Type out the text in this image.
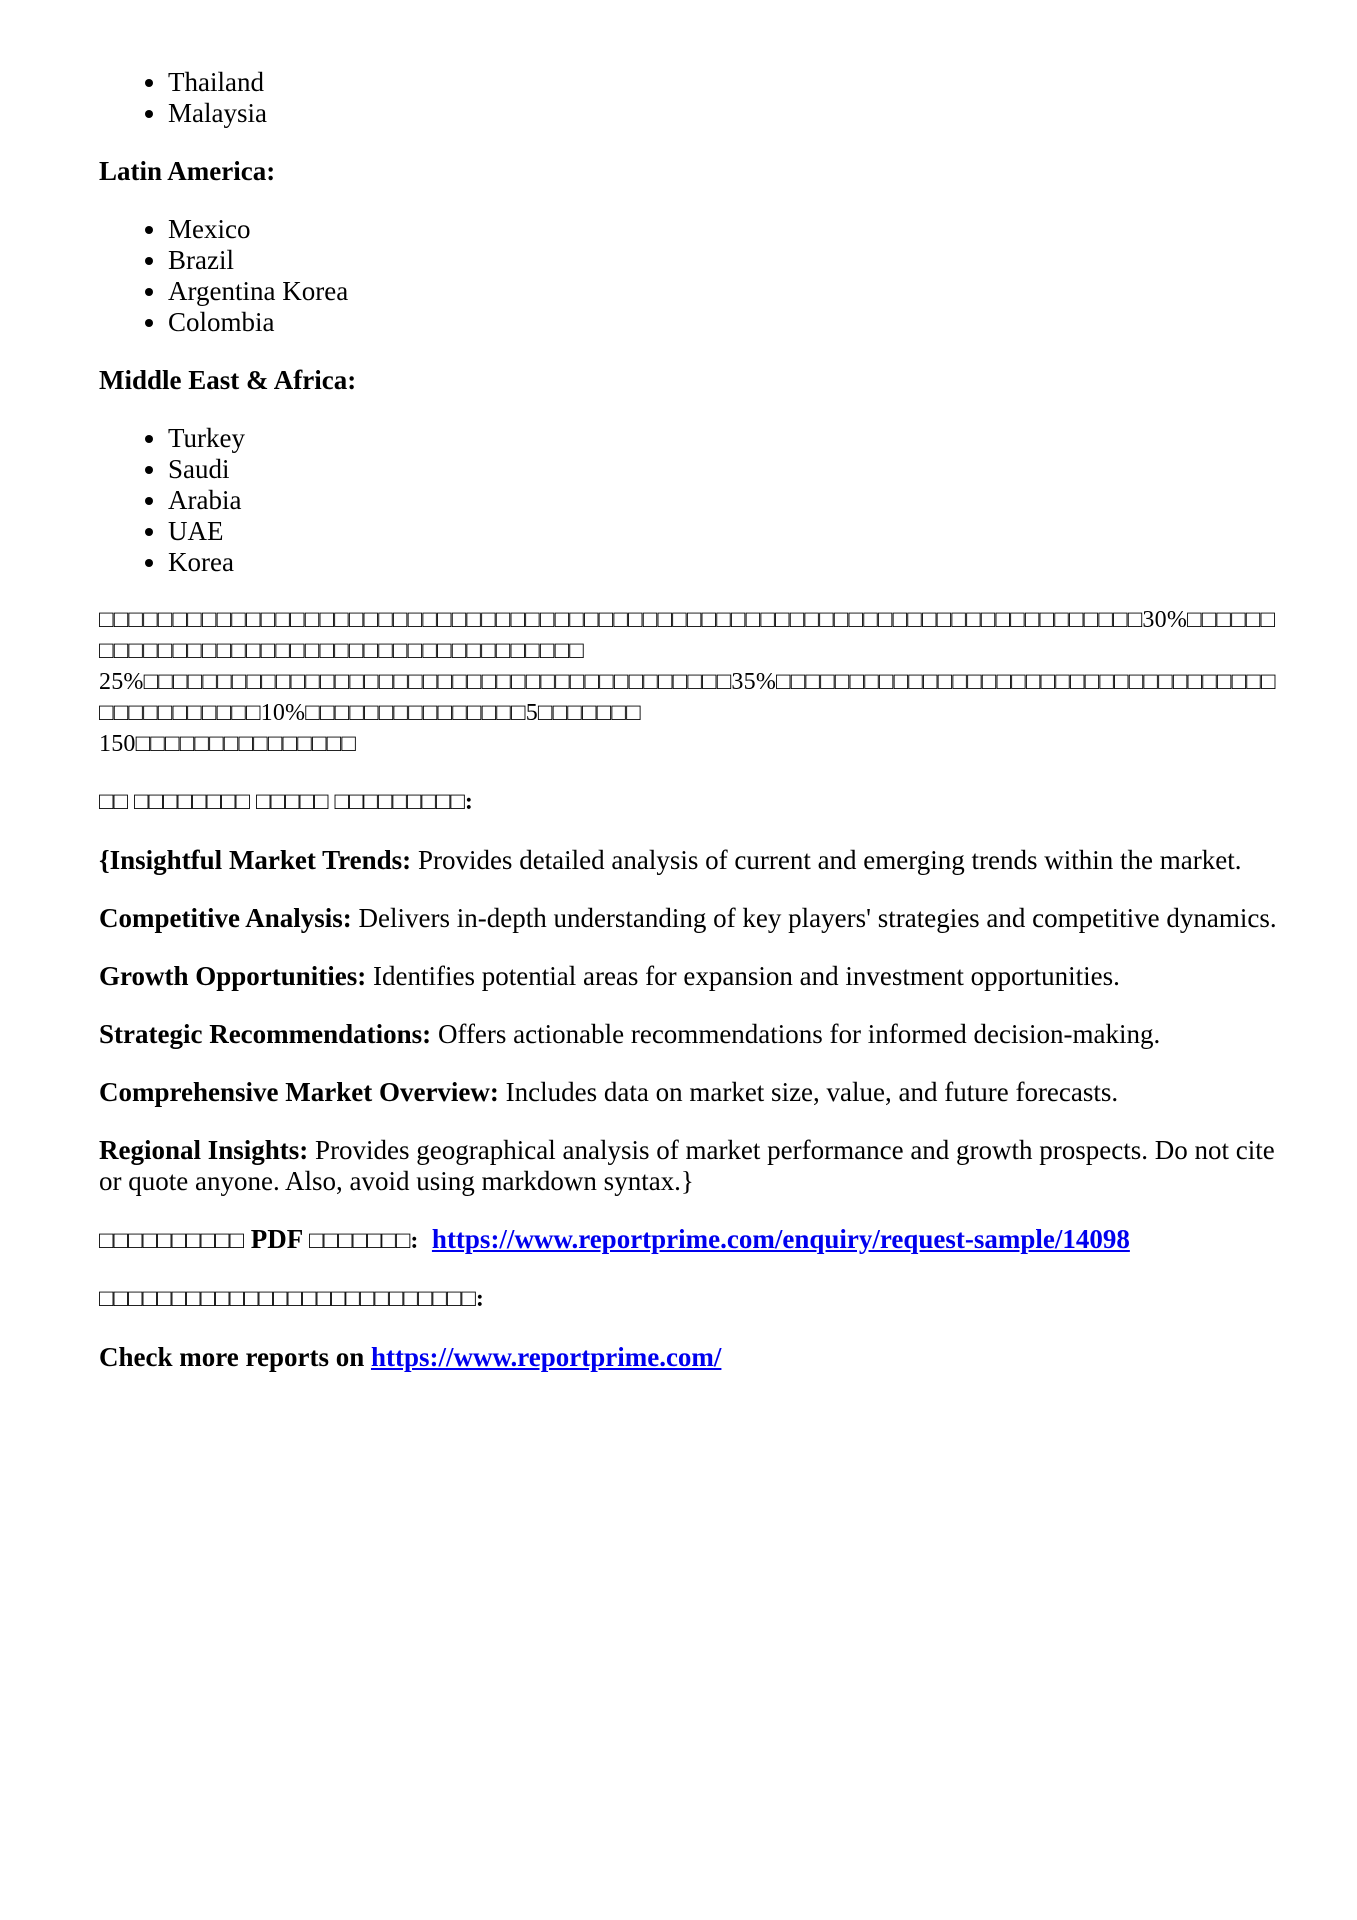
• Thailand
• Malaysia
Latin America:
• Mexico
• Brazil
• Argentina Korea
• Colombia
Middle East & Africa:
• Turkey
• Saudi
• Arabia
• UAE
• Korea
□□□□□□□□□□□□□□□□□□□□□□□□□□□□□□□□□□□□□□□□□□□□□□□□□□□□□□□□□□□□□□□□□□□□□□□30%□□□□□□□□□□□□□□□□□□□□□□□□□□□□□□□□□□□□□□□
25%□□□□□□□□□□□□□□□□□□□□□□□□□□□□□□□□□□□□□□□□35%□□□□□□□□□□□□□□□□□□□□□□□□□□□□□□□□□□□□□□□□□□□□□10%□□□□□□□□□□□□□□□5□□□□□□□
150□□□□□□□□□□□□□□□

□□ □□□□□□□□ □□□□□ □□□□□□□□□:

{Insightful Market Trends: Provides detailed analysis of current and emerging trends within the market.

Competitive Analysis: Delivers in-depth understanding of key players' strategies and competitive dynamics.

Growth Opportunities: Identifies potential areas for expansion and investment opportunities.

Strategic Recommendations: Offers actionable recommendations for informed decision-making.

Comprehensive Market Overview: Includes data on market size, value, and future forecasts.

Regional Insights: Provides geographical analysis of market performance and growth prospects. Do not cite or quote anyone. Also, avoid using markdown syntax.}

□□□□□□□□□□ PDF □□□□□□□: https://www.reportprime.com/enquiry/request-sample/14098

□□□□□□□□□□□□□□□□□□□□□□□□□□:

Check more reports on https://www.reportprime.com/
